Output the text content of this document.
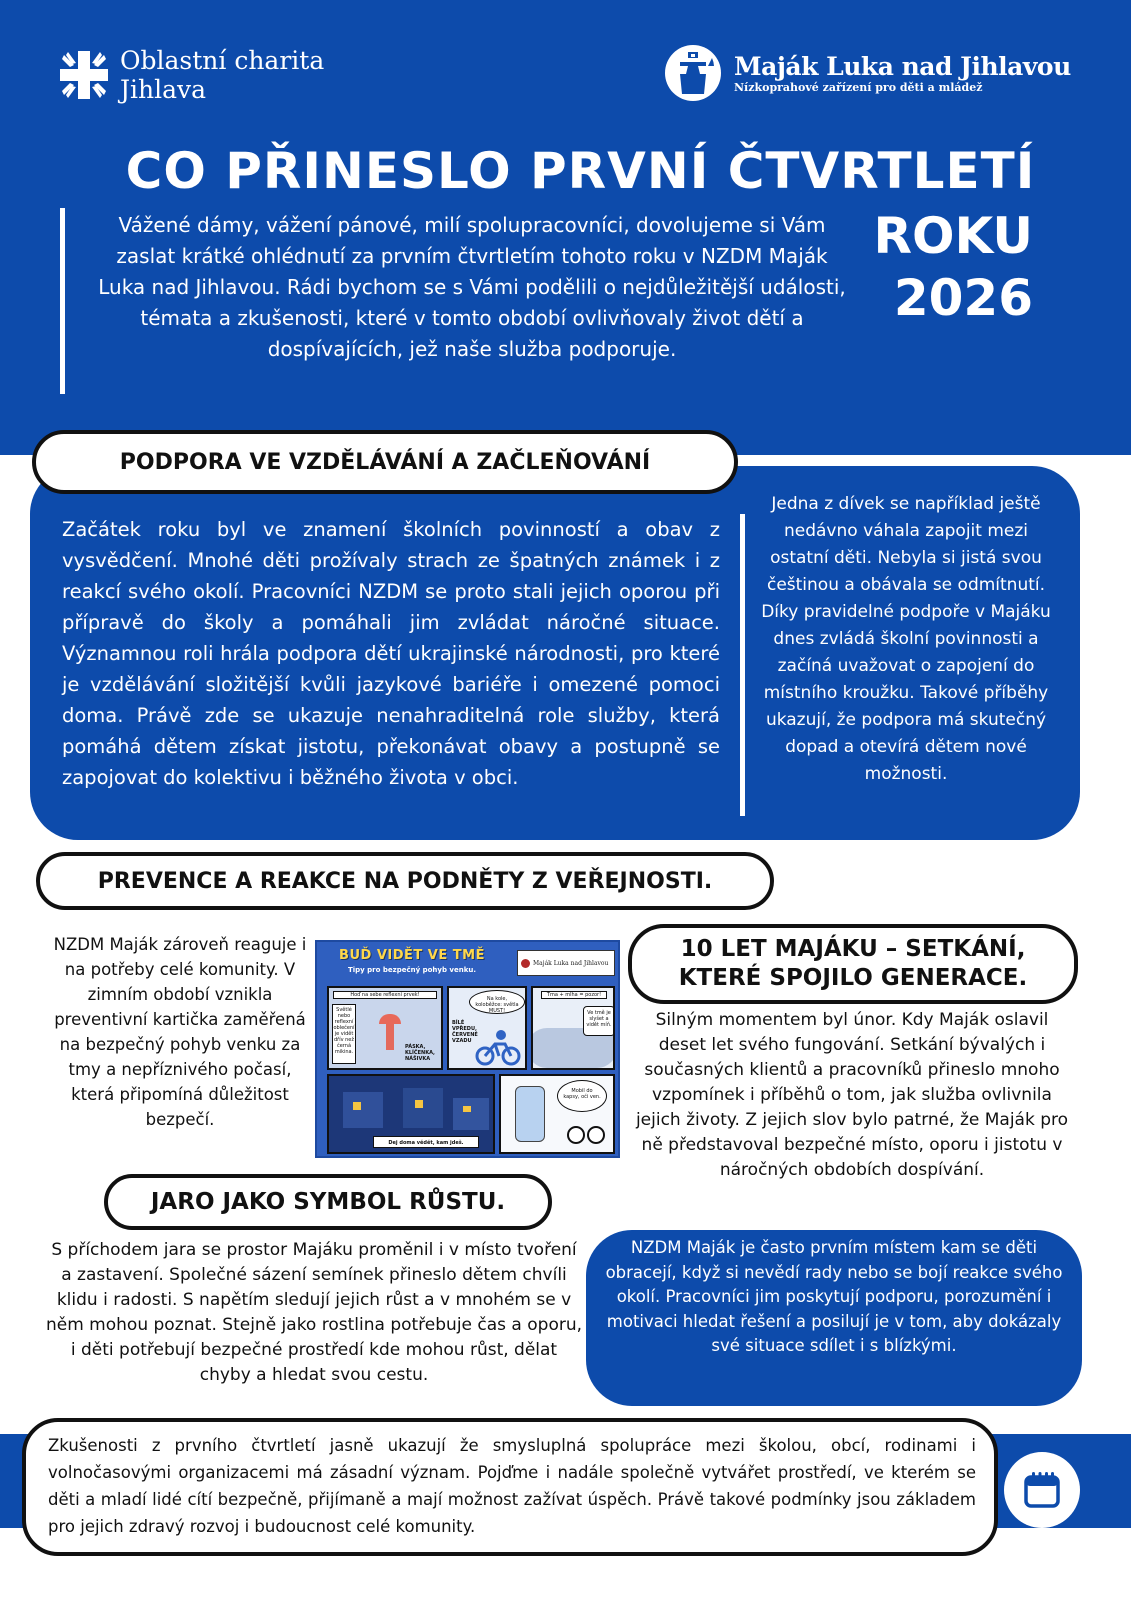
Oblastní charita
Jihlava
Maják Luka nad Jihlavou
Nízkoprahové zařízení pro děti a mládež
CO PŘINESLO PRVNÍ ČTVRTLETÍ
ROKU
2026
Vážené dámy, vážení pánové, milí spolupracovníci, dovolujeme si Vám zaslat krátké ohlédnutí za prvním čtvrtletím tohoto roku v NZDM Maják Luka nad Jihlavou. Rádi bychom se s Vámi podělili o nejdůležitější události, témata a zkušenosti, které v tomto období ovlivňovaly život dětí a dospívajících, jež naše služba podporuje.
PODPORA VE VZDĚLÁVÁNÍ A ZAČLEŇOVÁNÍ
Začátek roku byl ve znamení školních povinností a obav z vysvědčení. Mnohé děti prožívaly strach ze špatných známek i z reakcí svého okolí. Pracovníci NZDM se proto stali jejich oporou při přípravě do školy a pomáhali jim zvládat náročné situace. Významnou roli hrála podpora dětí ukrajinské národnosti, pro které je vzdělávání složitější kvůli jazykové bariéře i omezené pomoci doma. Právě zde se ukazuje nenahraditelná role služby, která pomáhá dětem získat jistotu, překonávat obavy a postupně se zapojovat do kolektivu i běžného života v obci.
Jedna z dívek se například ještě nedávno váhala zapojit mezi ostatní děti. Nebyla si jistá svou češtinou a obávala se odmítnutí. Díky pravidelné podpoře v Majáku dnes zvládá školní povinnosti a začíná uvažovat o zapojení do místního kroužku. Takové příběhy ukazují, že podpora má skutečný dopad a otevírá dětem nové možnosti.
PREVENCE A REAKCE NA PODNĚTY Z VEŘEJNOSTI.
NZDM Maják zároveň reaguje i na potřeby celé komunity. V zimním období vznikla preventivní kartička zaměřená na bezpečný pohyb venku za tmy a nepříznivého počasí, která připomíná důležitost bezpečí.
BUĎ VIDĚT VE TMĚ
Tipy pro bezpečný pohyb venku.
Maják Luka nad Jihlavou
Hoď na sebe reflexní prvek!
Světlé nebo reflexní oblečení je vidět dřív než černá mikina.
PÁSKA, KLÍČENKA, NÁŠIVKA
Na kole, koloběžce: světla MUST!
BÍLÉ VPŘEDU, ČERVENÉ VZADU
Tma + mlha = pozor!
Ve tmě je slyšet a vidět míň.
Dej doma vědět, kam jdeš.
Mobil do kapsy, oči ven.
10 LET MAJÁKU – SETKÁNÍ,
KTERÉ SPOJILO GENERACE.
Silným momentem byl únor. Kdy Maják oslavil deset let svého fungování. Setkání bývalých i současných klientů a pracovníků přineslo mnoho vzpomínek i příběhů o tom, jak služba ovlivnila jejich životy. Z jejich slov bylo patrné, že Maják pro ně představoval bezpečné místo, oporu i jistotu v náročných obdobích dospívání.
JARO JAKO SYMBOL RŮSTU.
S příchodem jara se prostor Majáku proměnil i v místo tvoření a zastavení. Společné sázení semínek přineslo dětem chvíli klidu i radosti. S napětím sledují jejich růst a v mnohém se v něm mohou poznat. Stejně jako rostlina potřebuje čas a oporu, i děti potřebují bezpečné prostředí kde mohou růst, dělat chyby a hledat svou cestu.
NZDM Maják je často prvním místem kam se děti obracejí, když si nevědí rady nebo se bojí reakce svého okolí. Pracovníci jim poskytují podporu, porozumění i motivaci hledat řešení a posilují je v tom, aby dokázaly své situace sdílet i s blízkými.
Zkušenosti z prvního čtvrtletí jasně ukazují že smysluplná spolupráce mezi školou, obcí, rodinami i volnočasovými organizacemi má zásadní význam. Pojďme i nadále společně vytvářet prostředí, ve kterém se děti a mladí lidé cítí bezpečně, přijímaně a mají možnost zažívat úspěch. Právě takové podmínky jsou základem pro jejich zdravý rozvoj i budoucnost celé komunity.
